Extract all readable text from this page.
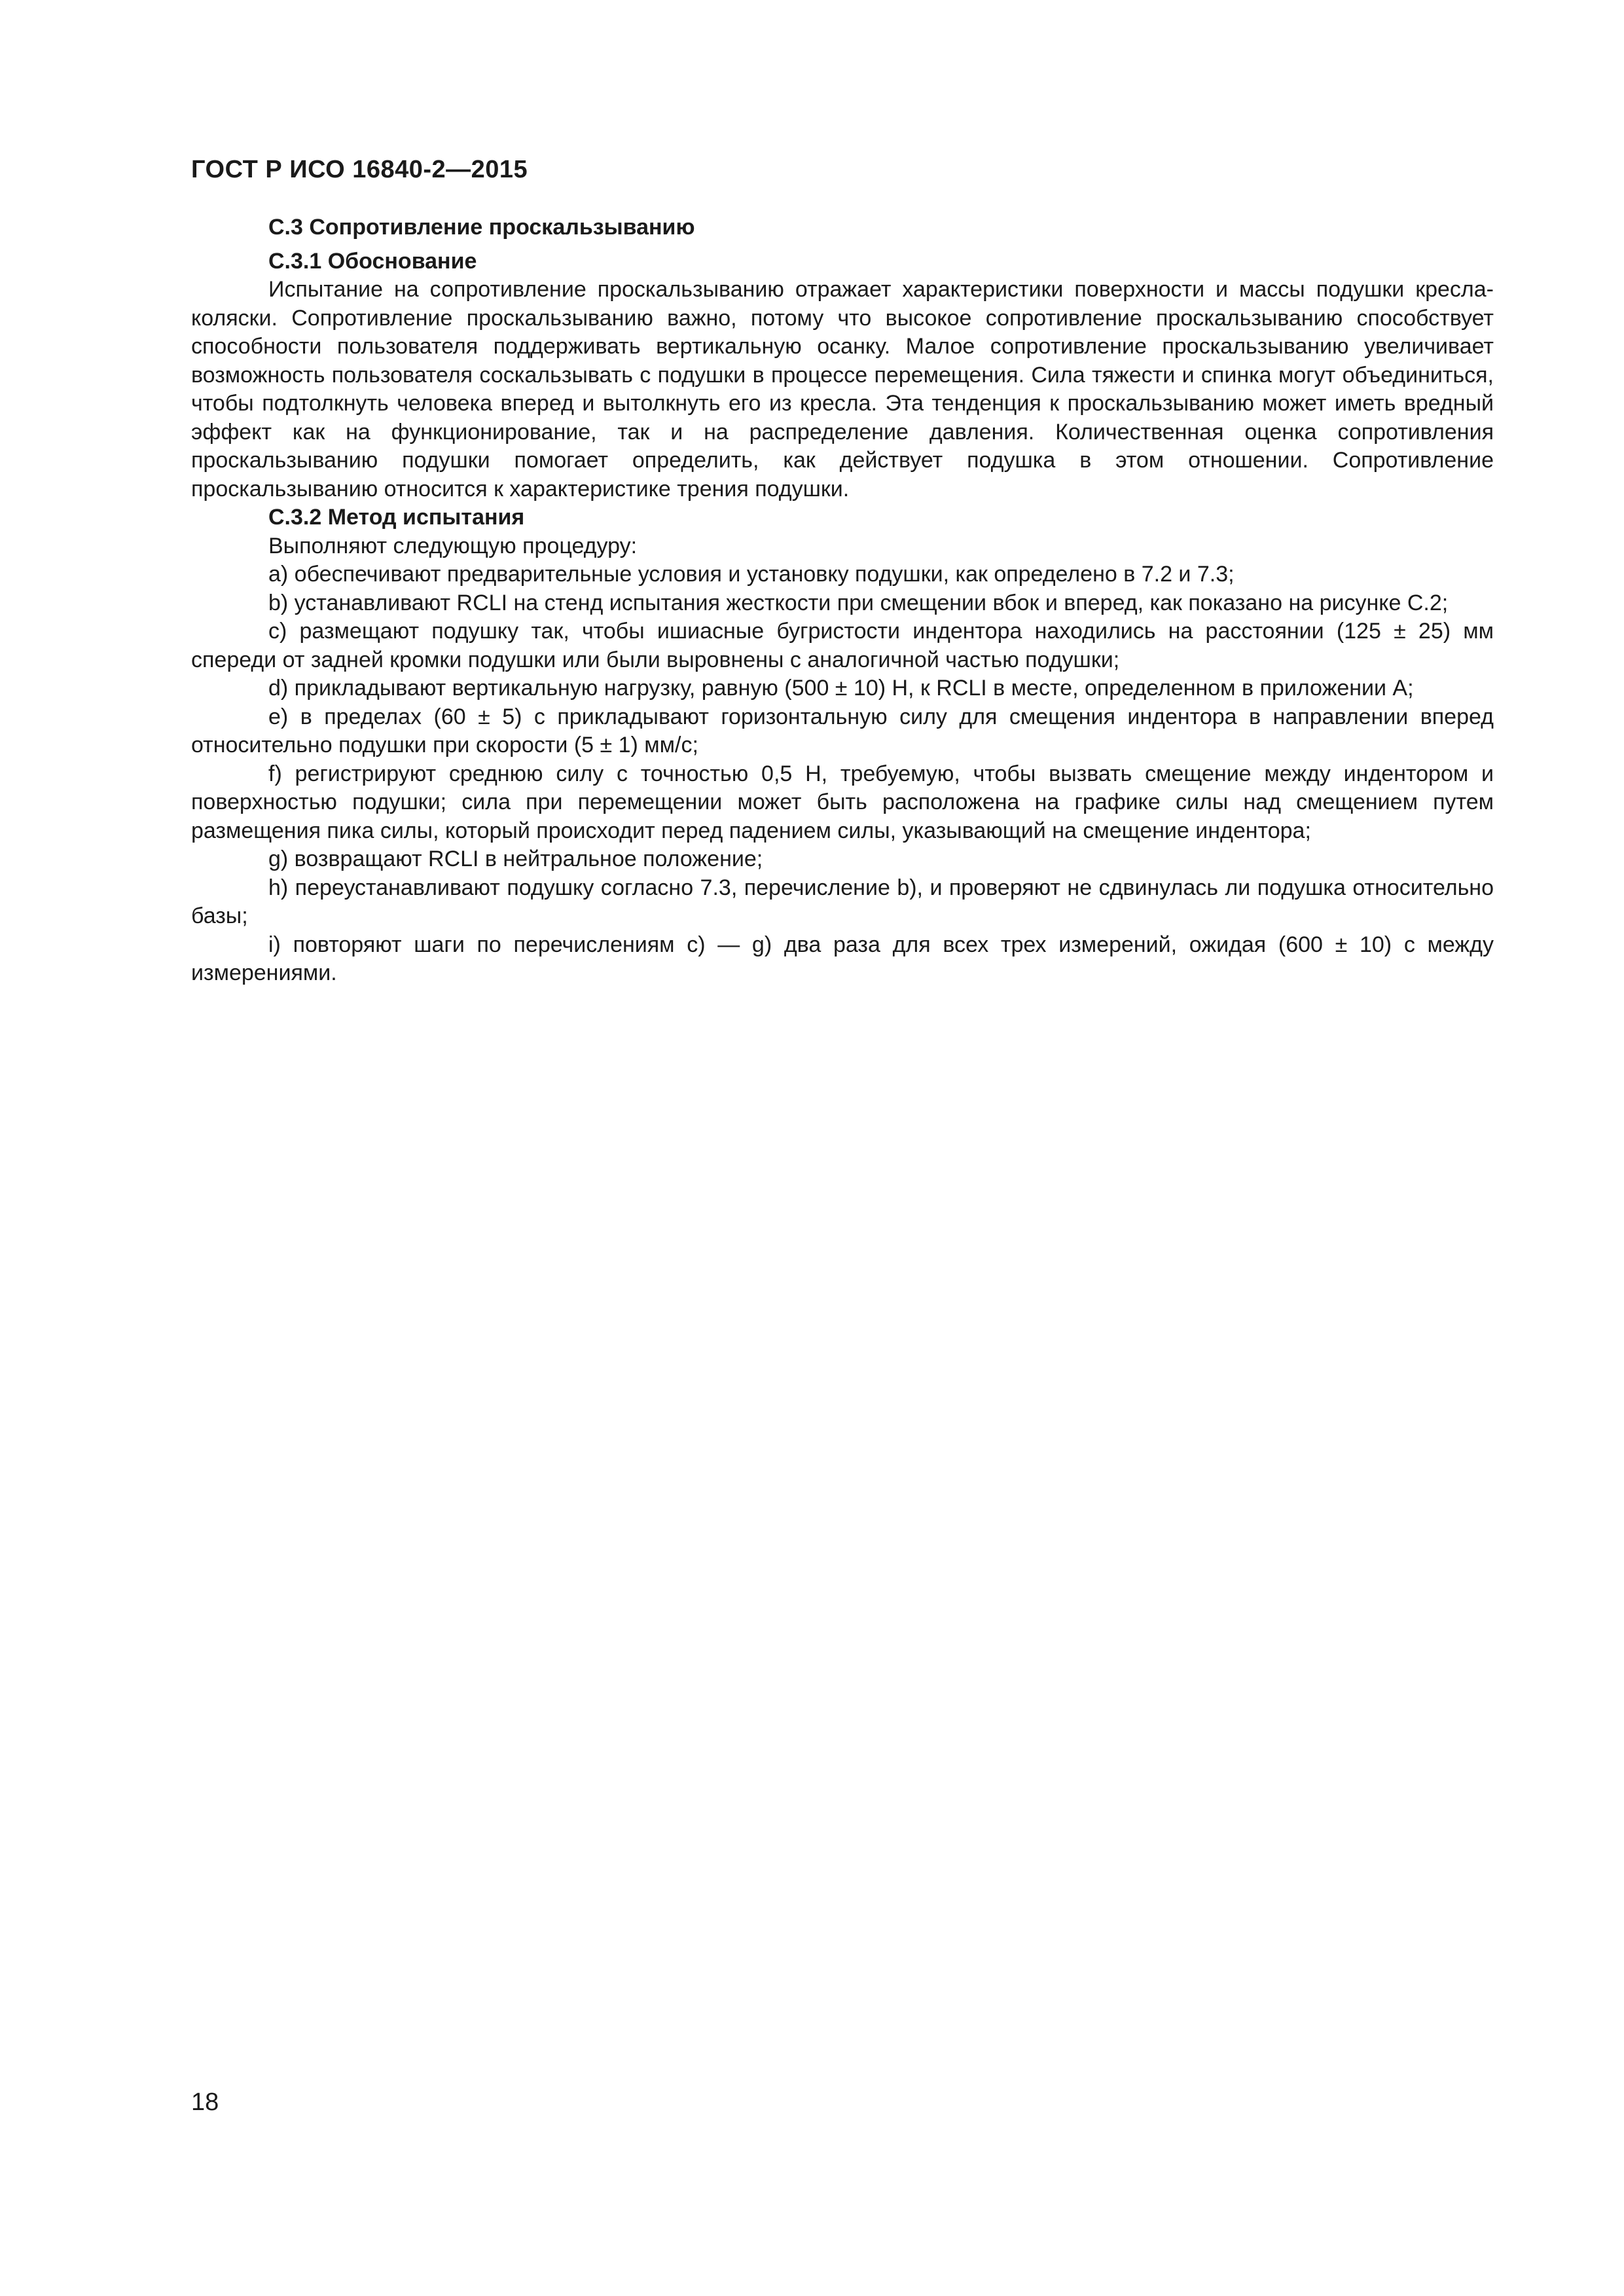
ГОСТ Р ИСО 16840-2—2015
С.3 Сопротивление проскальзыванию
С.3.1 Обоснование

Испытание на сопротивление проскальзыванию отражает характеристики поверхности и массы подушки кресла-коляски. Сопротивление проскальзыванию важно, потому что высокое сопротивление проскальзыванию способствует способности пользователя поддерживать вертикальную осанку. Малое сопротивление проскальзыванию увеличивает возможность пользователя соскальзывать с подушки в процессе перемещения. Сила тяжести и спинка могут объединиться, чтобы подтолкнуть человека вперед и вытолкнуть его из кресла. Эта тенденция к проскальзыванию может иметь вредный эффект как на функционирование, так и на распределение давления. Количественная оценка сопротивления проскальзыванию подушки помогает определить, как действует подушка в этом отношении. Сопротивление проскальзыванию относится к характеристике трения подушки.

С.3.2 Метод испытания

Выполняют следующую процедуру:

a) обеспечивают предварительные условия и установку подушки, как определено в 7.2 и 7.3;

b) устанавливают RCLI на стенд испытания жесткости при смещении вбок и вперед, как показано на рисунке С.2;

c) размещают подушку так, чтобы ишиасные бугристости индентора находились на расстоянии (125 ± 25) мм спереди от задней кромки подушки или были выровнены с аналогичной частью подушки;

d) прикладывают вертикальную нагрузку, равную (500 ± 10) Н, к RCLI в месте, определенном в приложении А;

e) в пределах (60 ± 5) с прикладывают горизонтальную силу для смещения индентора в направлении вперед относительно подушки при скорости (5 ± 1) мм/с;

f) регистрируют среднюю силу с точностью 0,5 Н, требуемую, чтобы вызвать смещение между индентором и поверхностью подушки; сила при перемещении может быть расположена на графике силы над смещением путем размещения пика силы, который происходит перед падением силы, указывающий на смещение индентора;

g) возвращают RCLI в нейтральное положение;

h) переустанавливают подушку согласно 7.3, перечисление b), и проверяют не сдвинулась ли подушка относительно базы;

i) повторяют шаги по перечислениям c) — g) два раза для всех трех измерений, ожидая (600 ± 10) с между измерениями.

18
